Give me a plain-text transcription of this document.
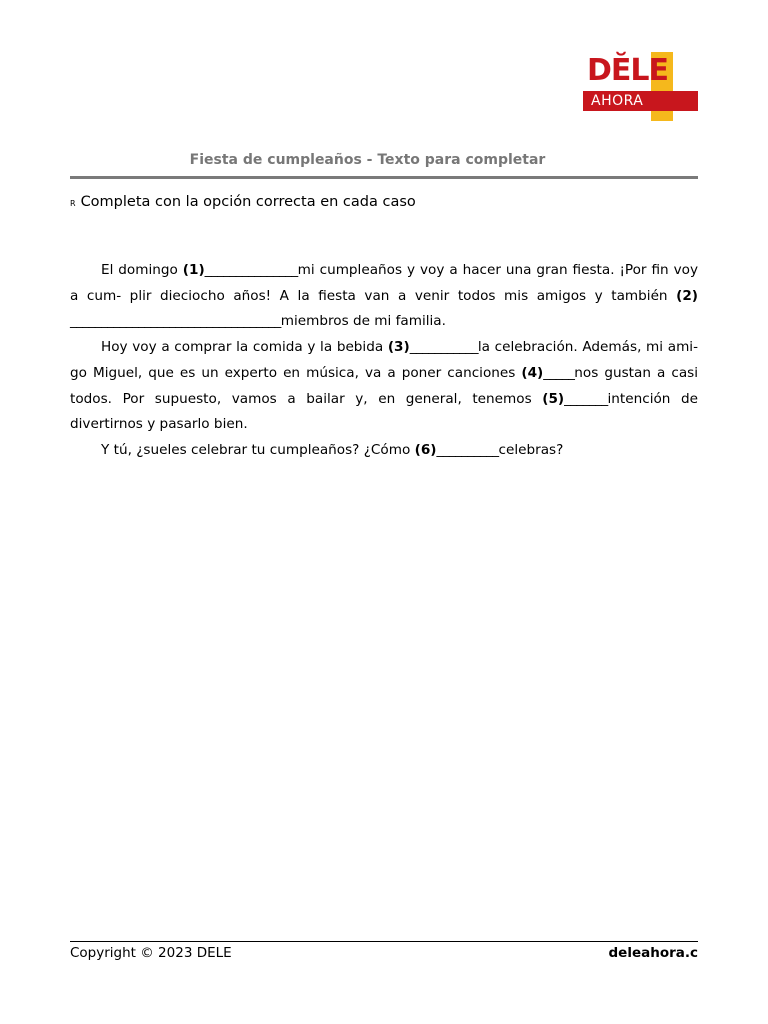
DĔLE
AHORA
Fiesta de cumpleaños - Texto para completar
R Completa con la opción correcta en cada caso

El domingo (1)_______________mi cumpleaños y voy a hacer una gran fiesta. ¡Por fin voy a cum- plir dieciocho años! A la fiesta van a venir todos mis amigos y también (2) __________________________________miembros de mi familia.

Hoy voy a comprar la comida y la bebida (3)___________la celebración. Además, mi ami- go Miguel, que es un experto en música, va a poner canciones (4)_____nos gustan a casi todos. Por supuesto, vamos a bailar y, en general, tenemos (5)_______intención de divertirnos y pasarlo bien.

Y tú, ¿sueles celebrar tu cumpleaños? ¿Cómo (6)__________celebras?

Copyright © 2023 DELE	deleahora.c
